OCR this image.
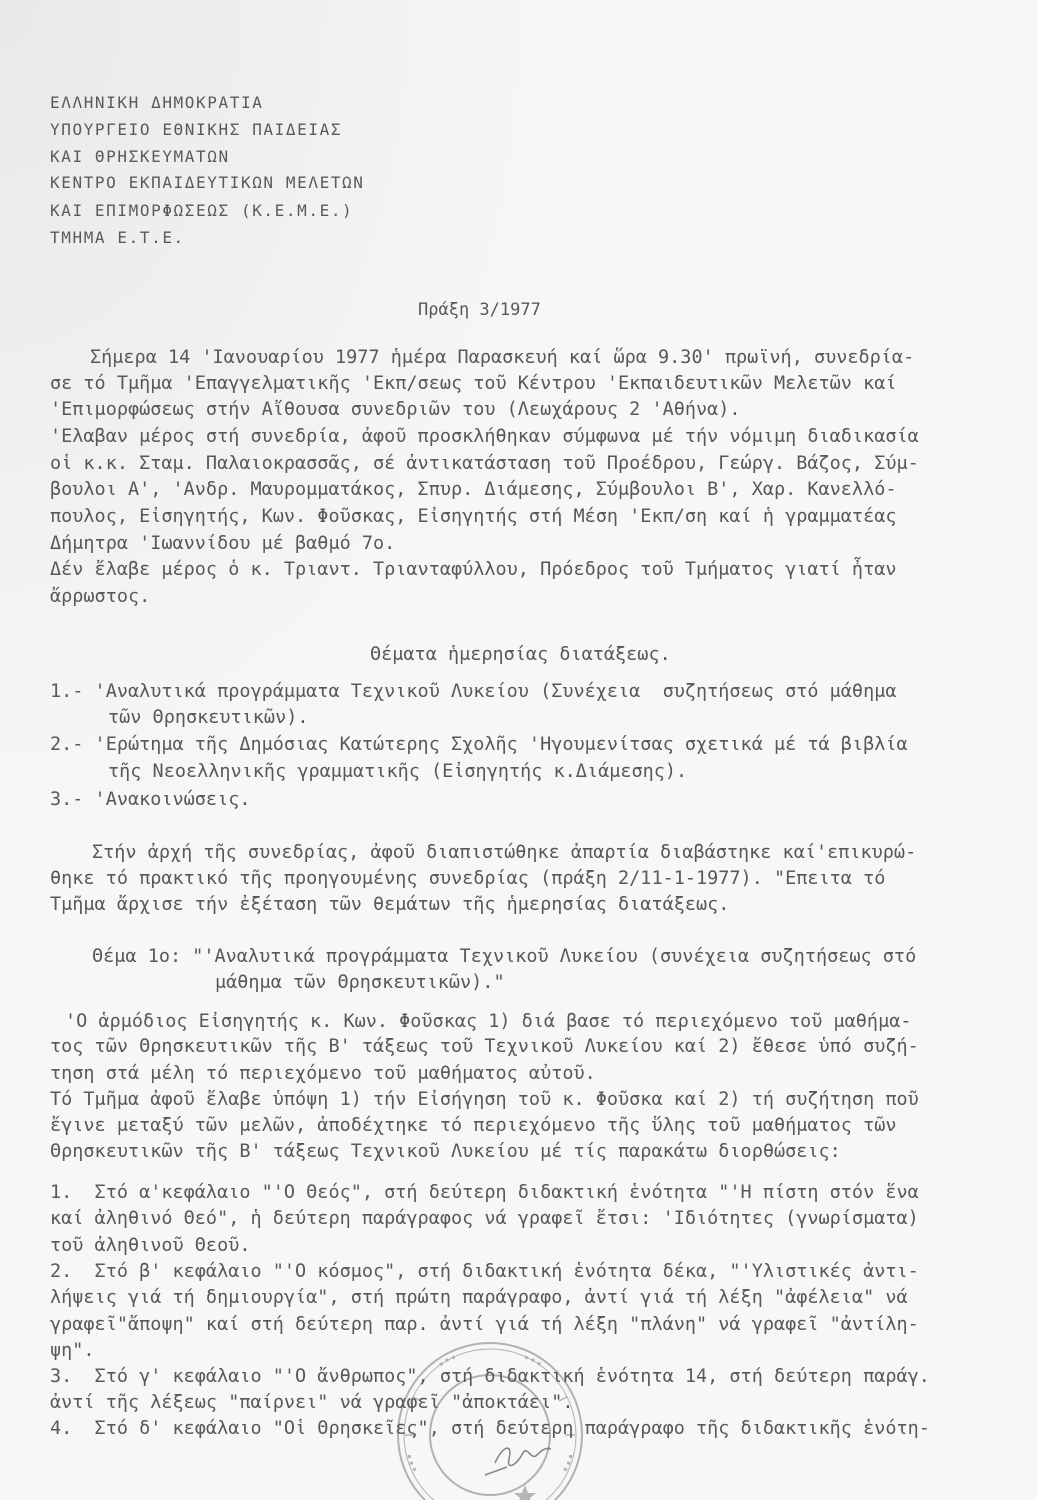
ΕΛΛΗΝΙΚΗ ΔΗΜΟΚΡΑΤΙΑ
ΥΠΟΥΡΓΕΙΟ ΕΘΝΙΚΗΣ ΠΑΙΔΕΙΑΣ
ΚΑΙ ΘΡΗΣΚΕΥΜΑΤΩΝ
ΚΕΝΤΡΟ ΕΚΠΑΙΔΕΥΤΙΚΩΝ ΜΕΛΕΤΩΝ
ΚΑΙ ΕΠΙΜΟΡΦΩΣΕΩΣ (Κ.Ε.Μ.Ε.)
ΤΜΗΜΑ Ε.Τ.Ε.
Πράξη 3/1977
Σήμερα 14 'Ιανουαρίου 1977 ἡμέρα Παρασκευή καί ὥρα 9.30' πρωϊνή, συνεδρία-
σε τό Τμῆμα 'Επαγγελματικῆς 'Εκπ/σεως τοῦ Κέντρου 'Εκπαιδευτικῶν Μελετῶν καί
'Επιμορφώσεως στήν Αἴθουσα συνεδριῶν του (Λεωχάρους 2 'Αθήνα).
'Ελαβαν μέρος στή συνεδρία, ἀφοῦ προσκλήθηκαν σύμφωνα μέ τήν νόμιμη διαδικασία
οἱ κ.κ. Σταμ. Παλαιοκρασσᾶς, σέ ἀντικατάσταση τοῦ Προέδρου, Γεώργ. Βάζος, Σύμ-
βουλοι Α', 'Ανδρ. Μαυρομματάκος, Σπυρ. Διάμεσης, Σύμβουλοι Β', Χαρ. Κανελλό-
πουλος, Εἰσηγητής, Κων. Φοῦσκας, Εἰσηγητής στή Μέση 'Εκπ/ση καί ἡ γραμματέας
Δήμητρα 'Ιωαννίδου μέ βαθμό 7ο.
Δέν ἔλαβε μέρος ὁ κ. Τριαντ. Τριανταφύλλου, Πρόεδρος τοῦ Τμήματος γιατί ἦταν
ἄρρωστος.
Θέματα ἡμερησίας διατάξεως.
1.- 'Αναλυτικά προγράμματα Τεχνικοῦ Λυκείου (Συνέχεια  συζητήσεως στό μάθημα
τῶν Θρησκευτικῶν).
2.- 'Ερώτημα τῆς Δημόσιας Κατώτερης Σχολῆς 'Ηγουμενίτσας σχετικά μέ τά βιβλία
τῆς Νεοελληνικῆς γραμματικῆς (Εἰσηγητής κ.Διάμεσης).
3.- 'Ανακοινώσεις.
Στήν ἀρχή τῆς συνεδρίας, ἀφοῦ διαπιστώθηκε ἀπαρτία διαβάστηκε καί'επικυρώ-
θηκε τό πρακτικό τῆς προηγουμένης συνεδρίας (πράξη 2/11-1-1977). "Επειτα τό
Τμῆμα ἄρχισε τήν ἐξέταση τῶν θεμάτων τῆς ἡμερησίας διατάξεως.
Θέμα 1ο: "'Αναλυτικά προγράμματα Τεχνικοῦ Λυκείου (συνέχεια συζητήσεως στό
μάθημα τῶν Θρησκευτικῶν)."
'Ο ἁρμόδιος Εἰσηγητής κ. Κων. Φοῦσκας 1) διά βασε τό περιεχόμενο τοῦ μαθήμα-
τος τῶν Θρησκευτικῶν τῆς Β' τάξεως τοῦ Τεχνικοῦ Λυκείου καί 2) ἔθεσε ὑπό συζή-
τηση στά μέλη τό περιεχόμενο τοῦ μαθήματος αὐτοῦ.
Τό Τμῆμα ἀφοῦ ἔλαβε ὑπόψη 1) τήν Εἰσήγηση τοῦ κ. Φοῦσκα καί 2) τή συζήτηση ποῦ
ἔγινε μεταξύ τῶν μελῶν, ἀποδέχτηκε τό περιεχόμενο τῆς ὕλης τοῦ μαθήματος τῶν
Θρησκευτικῶν τῆς Β' τάξεως Τεχνικοῦ Λυκείου μέ τίς παρακάτω διορθώσεις:
1.  Στό α'κεφάλαιο "'Ο Θεός", στή δεύτερη διδακτική ἑνότητα "'Η πίστη στόν ἕνα
καί ἀληθινό Θεό", ἡ δεύτερη παράγραφος νά γραφεῖ ἔτσι: 'Ιδιότητες (γνωρίσματα)
τοῦ ἀληθινοῦ Θεοῦ.
2.  Στό β' κεφάλαιο "'Ο κόσμος", στή διδακτική ἑνότητα δέκα, "'Υλιστικές ἀντι-
λήψεις γιά τή δημιουργία", στή πρώτη παράγραφο, ἀντί γιά τή λέξη "ἀφέλεια" νά
γραφεῖ"ἄποψη" καί στή δεύτερη παρ. ἀντί γιά τή λέξη "πλάνη" νά γραφεῖ "ἀντίλη-
ψη".
3.  Στό γ' κεφάλαιο "'Ο ἄνθρωπος", στή διδακτική ἑνότητα 14, στή δεύτερη παράγ.
ἀντί τῆς λέξεως "παίρνει" νά γραφεῖ "ἀποκτάει".
4.  Στό δ' κεφάλαιο "Οἱ Θρησκεῖες", στή δεύτερη παράγραφο τῆς διδακτικῆς ἑνότη-
